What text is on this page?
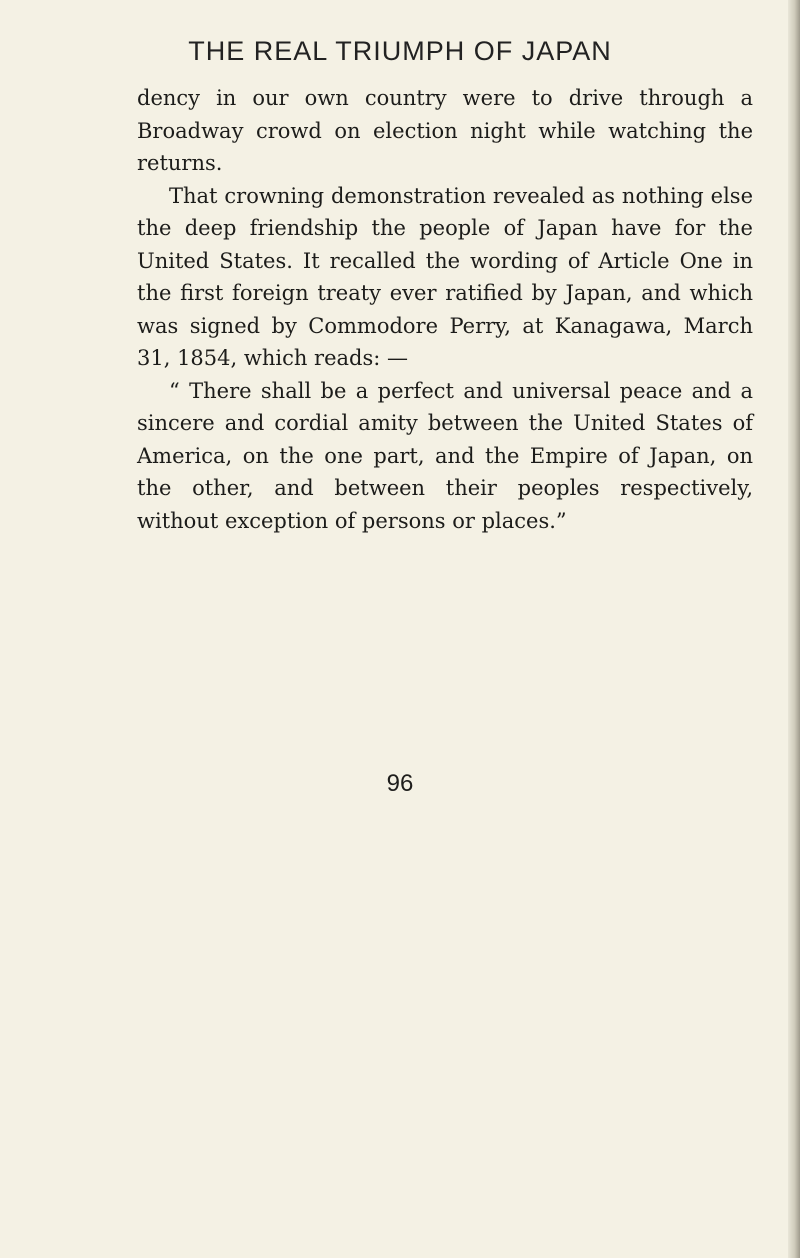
THE REAL TRIUMPH OF JAPAN

dency in our own country were to drive through a Broadway crowd on election night while watching the returns.

That crowning demonstration revealed as nothing else the deep friendship the people of Japan have for the United States. It recalled the wording of Article One in the first foreign treaty ever ratified by Japan, and which was signed by Commodore Perry, at Kanagawa, March 31, 1854, which reads: —

“ There shall be a perfect and universal peace and a sincere and cordial amity between the United States of America, on the one part, and the Empire of Japan, on the other, and between their peoples respectively, without exception of persons or places.”

96
